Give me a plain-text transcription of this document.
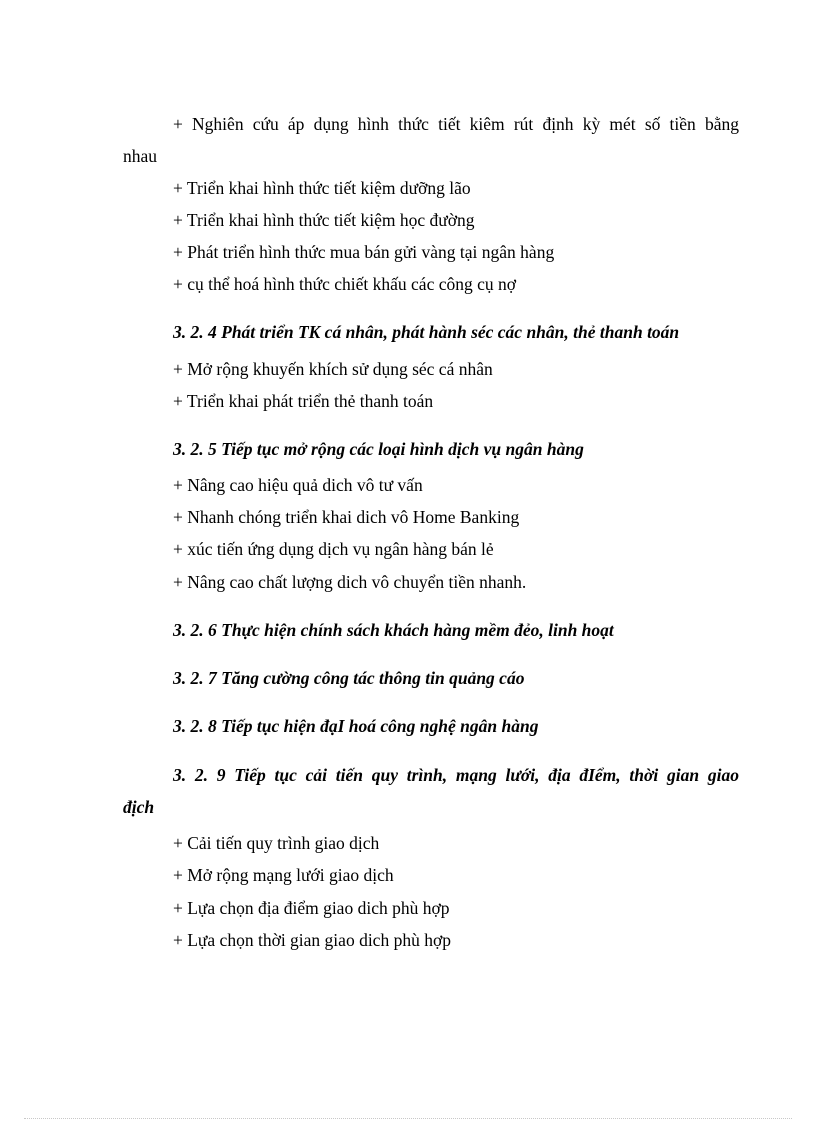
+ Nghiên cứu áp dụng hình thức tiết kiêm rút định kỳ mét số tiền bằng
nhau
+ Triển khai hình thức tiết kiệm dưỡng lão
+ Triển khai hình thức tiết kiệm học đường
+ Phát triển hình thức mua bán gửi vàng tại ngân hàng
+ cụ thể hoá hình thức chiết khấu các công cụ nợ
3. 2. 4 Phát triển TK cá nhân, phát hành séc các nhân, thẻ thanh toán
+ Mở rộng khuyến khích sử dụng séc cá nhân
+ Triển khai phát triển thẻ thanh toán
3. 2. 5 Tiếp tục mở rộng các loại hình dịch vụ ngân hàng
+ Nâng cao hiệu quả dich vô tư vấn
+ Nhanh chóng triển khai dich vô Home Banking
+ xúc tiến ứng dụng dịch vụ ngân hàng bán lẻ
+ Nâng cao chất lượng dich vô chuyển tiền nhanh.
3. 2. 6 Thực hiện chính sách khách hàng mềm đẻo, linh hoạt
3. 2. 7 Tăng cường công tác thông tin quảng cáo
3. 2. 8 Tiếp tục hiện đạI hoá công nghệ ngân hàng
3. 2. 9 Tiếp tục cải tiến quy trình, mạng lưới, địa đIểm, thời gian giao
địch
+ Cải tiến quy trình giao dịch
+ Mở rộng mạng lưới giao dịch
+ Lựa chọn địa điểm giao dich phù hợp
+ Lựa chọn thời gian giao dich phù hợp
